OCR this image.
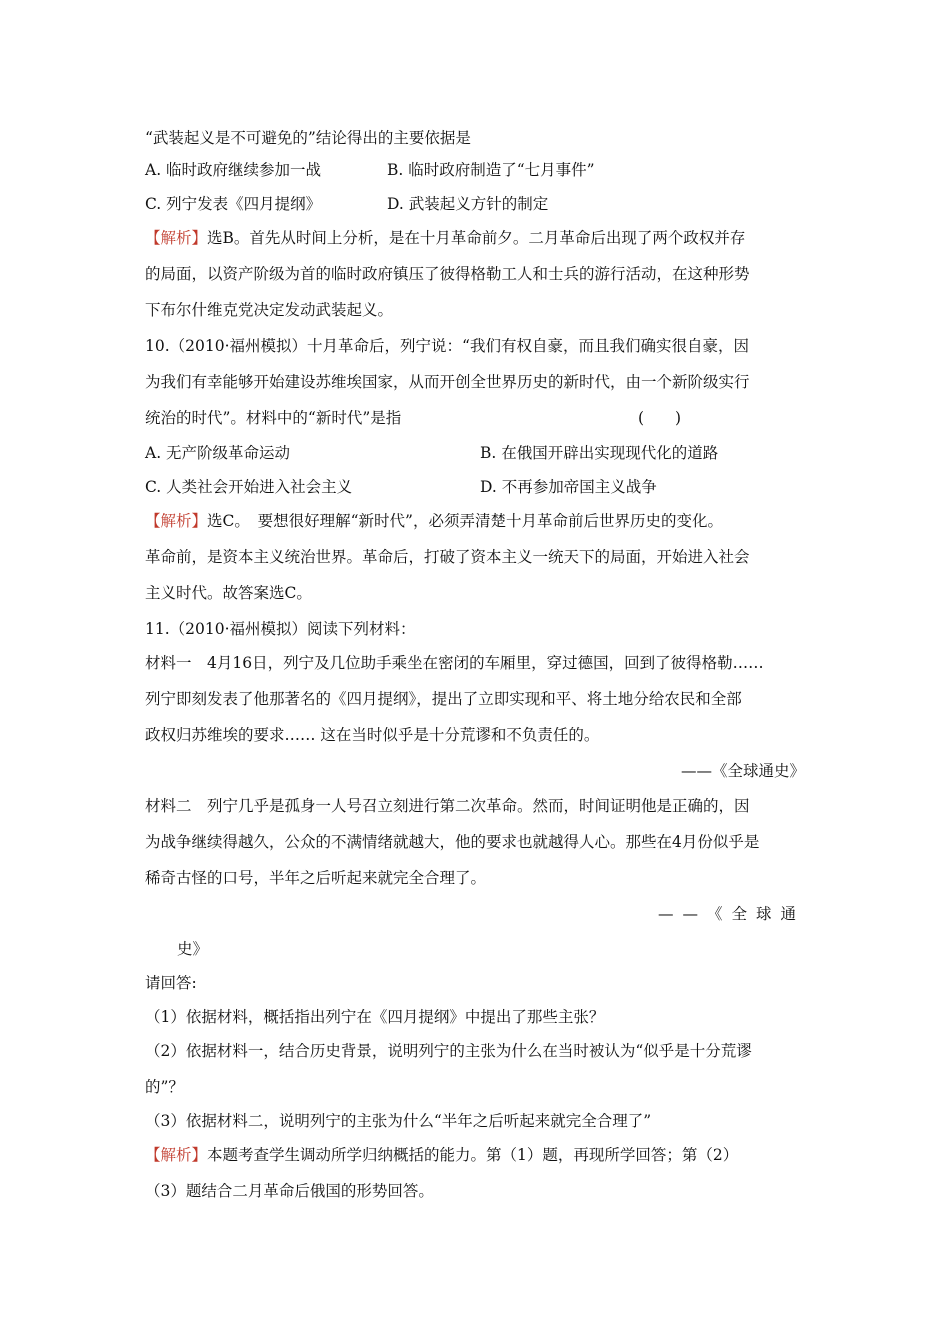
“武装起义是不可避免的”结论得出的主要依据是
A. 临时政府继续参加一战	B. 临时政府制造了“七月事件”
C. 列宁发表《四月提纲》	D. 武装起义方针的制定
【解析】选B。首先从时间上分析，是在十月革命前夕。二月革命后出现了两个政权并存
的局面，以资产阶级为首的临时政府镇压了彼得格勒工人和士兵的游行活动，在这种形势
下布尔什维克党决定发动武装起义。
10.（2010·福州模拟）十月革命后，列宁说：“我们有权自豪，而且我们确实很自豪，因
为我们有幸能够开始建设苏维埃国家，从而开创全世界历史的新时代，由一个新阶级实行
统治的时代”。材料中的“新时代”是指	(　　)
A. 无产阶级革命运动	B. 在俄国开辟出实现现代化的道路
C. 人类社会开始进入社会主义	D. 不再参加帝国主义战争
【解析】选C。　要想很好理解“新时代”，必须弄清楚十月革命前后世界历史的变化。
革命前，是资本主义统治世界。革命后，打破了资本主义一统天下的局面，开始进入社会
主义时代。故答案选C。
11.（2010·福州模拟）阅读下列材料：
材料一　4月16日，列宁及几位助手乘坐在密闭的车厢里，穿过德国，回到了彼得格勒……
列宁即刻发表了他那著名的《四月提纲》，提出了立即实现和平、将土地分给农民和全部
政权归苏维埃的要求…… 这在当时似乎是十分荒谬和不负责任的。
——《全球通史》
材料二　列宁几乎是孤身一人号召立刻进行第二次革命。然而，时间证明他是正确的，因
为战争继续得越久，公众的不满情绪就越大，他的要求也就越得人心。那些在4月份似乎是
稀奇古怪的口号，半年之后听起来就完全合理了。
——《全球通
史》
请回答:
（1）依据材料，概括指出列宁在《四月提纲》中提出了那些主张？
（2）依据材料一，结合历史背景，说明列宁的主张为什么在当时被认为“似乎是十分荒谬
的”？
（3）依据材料二，说明列宁的主张为什么“半年之后听起来就完全合理了”
【解析】本题考查学生调动所学归纳概括的能力。第（1）题，再现所学回答；第（2）
（3）题结合二月革命后俄国的形势回答。
